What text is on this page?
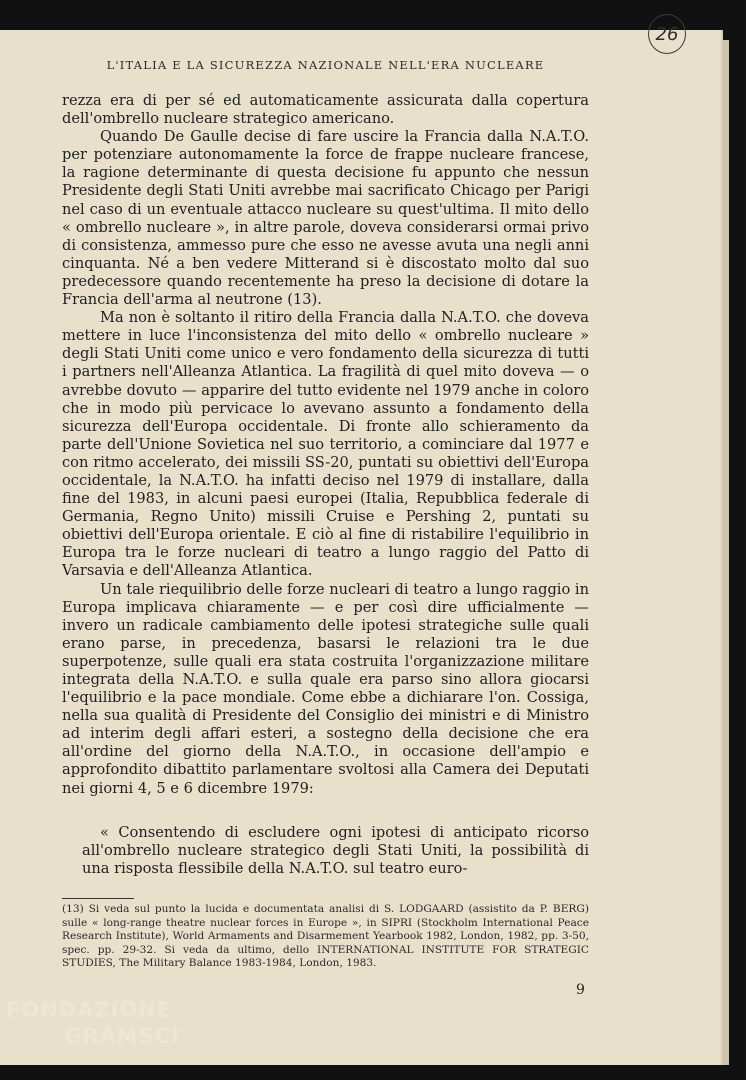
26
L'ITALIA E LA SICUREZZA NAZIONALE NELL'ERA NUCLEARE

rezza era di per sé ed automaticamente assicurata dalla copertura dell'ombrello nucleare strategico americano.

Quando De Gaulle decise di fare uscire la Francia dalla N.A.T.O. per potenziare autonomamente la force de frappe nucleare francese, la ragione determinante di questa decisione fu appunto che nessun Presidente degli Stati Uniti avrebbe mai sacrificato Chicago per Parigi nel caso di un eventuale attacco nucleare su quest'ultima. Il mito dello « ombrello nucleare », in altre parole, doveva considerarsi ormai privo di consistenza, ammesso pure che esso ne avesse avuta una negli anni cinquanta. Né a ben vedere Mitterand si è discostato molto dal suo predecessore quando recentemente ha preso la decisione di dotare la Francia dell'arma al neutrone (13).

Ma non è soltanto il ritiro della Francia dalla N.A.T.O. che doveva mettere in luce l'inconsistenza del mito dello « ombrello nucleare » degli Stati Uniti come unico e vero fondamento della sicurezza di tutti i partners nell'Alleanza Atlantica. La fragilità di quel mito doveva — o avrebbe dovuto — apparire del tutto evidente nel 1979 anche in coloro che in modo più pervicace lo avevano assunto a fondamento della sicurezza dell'Europa occidentale. Di fronte allo schieramento da parte dell'Unione Sovietica nel suo territorio, a cominciare dal 1977 e con ritmo accelerato, dei missili SS-20, puntati su obiettivi dell'Europa occidentale, la N.A.T.O. ha infatti deciso nel 1979 di installare, dalla fine del 1983, in alcuni paesi europei (Italia, Repubblica federale di Germania, Regno Unito) missili Cruise e Pershing 2, puntati su obiettivi dell'Europa orientale. E ciò al fine di ristabilire l'equilibrio in Europa tra le forze nucleari di teatro a lungo raggio del Patto di Varsavia e dell'Alleanza Atlantica.

Un tale riequilibrio delle forze nucleari di teatro a lungo raggio in Europa implicava chiaramente — e per così dire ufficialmente — invero un radicale cambiamento delle ipotesi strategiche sulle quali erano parse, in precedenza, basarsi le relazioni tra le due superpotenze, sulle quali era stata costruita l'organizzazione militare integrata della N.A.T.O. e sulla quale era parso sino allora giocarsi l'equilibrio e la pace mondiale. Come ebbe a dichiarare l'on. Cossiga, nella sua qualità di Presidente del Consiglio dei ministri e di Ministro ad interim degli affari esteri, a sostegno della decisione che era all'ordine del giorno della N.A.T.O., in occasione dell'ampio e approfondito dibattito parlamentare svoltosi alla Camera dei Deputati nei giorni 4, 5 e 6 dicembre 1979:

« Consentendo di escludere ogni ipotesi di anticipato ricorso all'ombrello nucleare strategico degli Stati Uniti, la possibilità di una risposta flessibile della N.A.T.O. sul teatro euro-

(13) Si veda sul punto la lucida e documentata analisi di S. LODGAARD (assistito da P. BERG) sulle « long-range theatre nuclear forces in Europe », in SIPRI (Stockholm International Peace Research Institute), World Armaments and Disarmement Yearbook 1982, London, 1982, pp. 3-50, spec. pp. 29-32. Si veda da ultimo, dello INTERNATIONAL INSTITUTE FOR STRATEGIC STUDIES, The Military Balance 1983-1984, London, 1983.
9
FONDAZIONE
GRAMSCI
